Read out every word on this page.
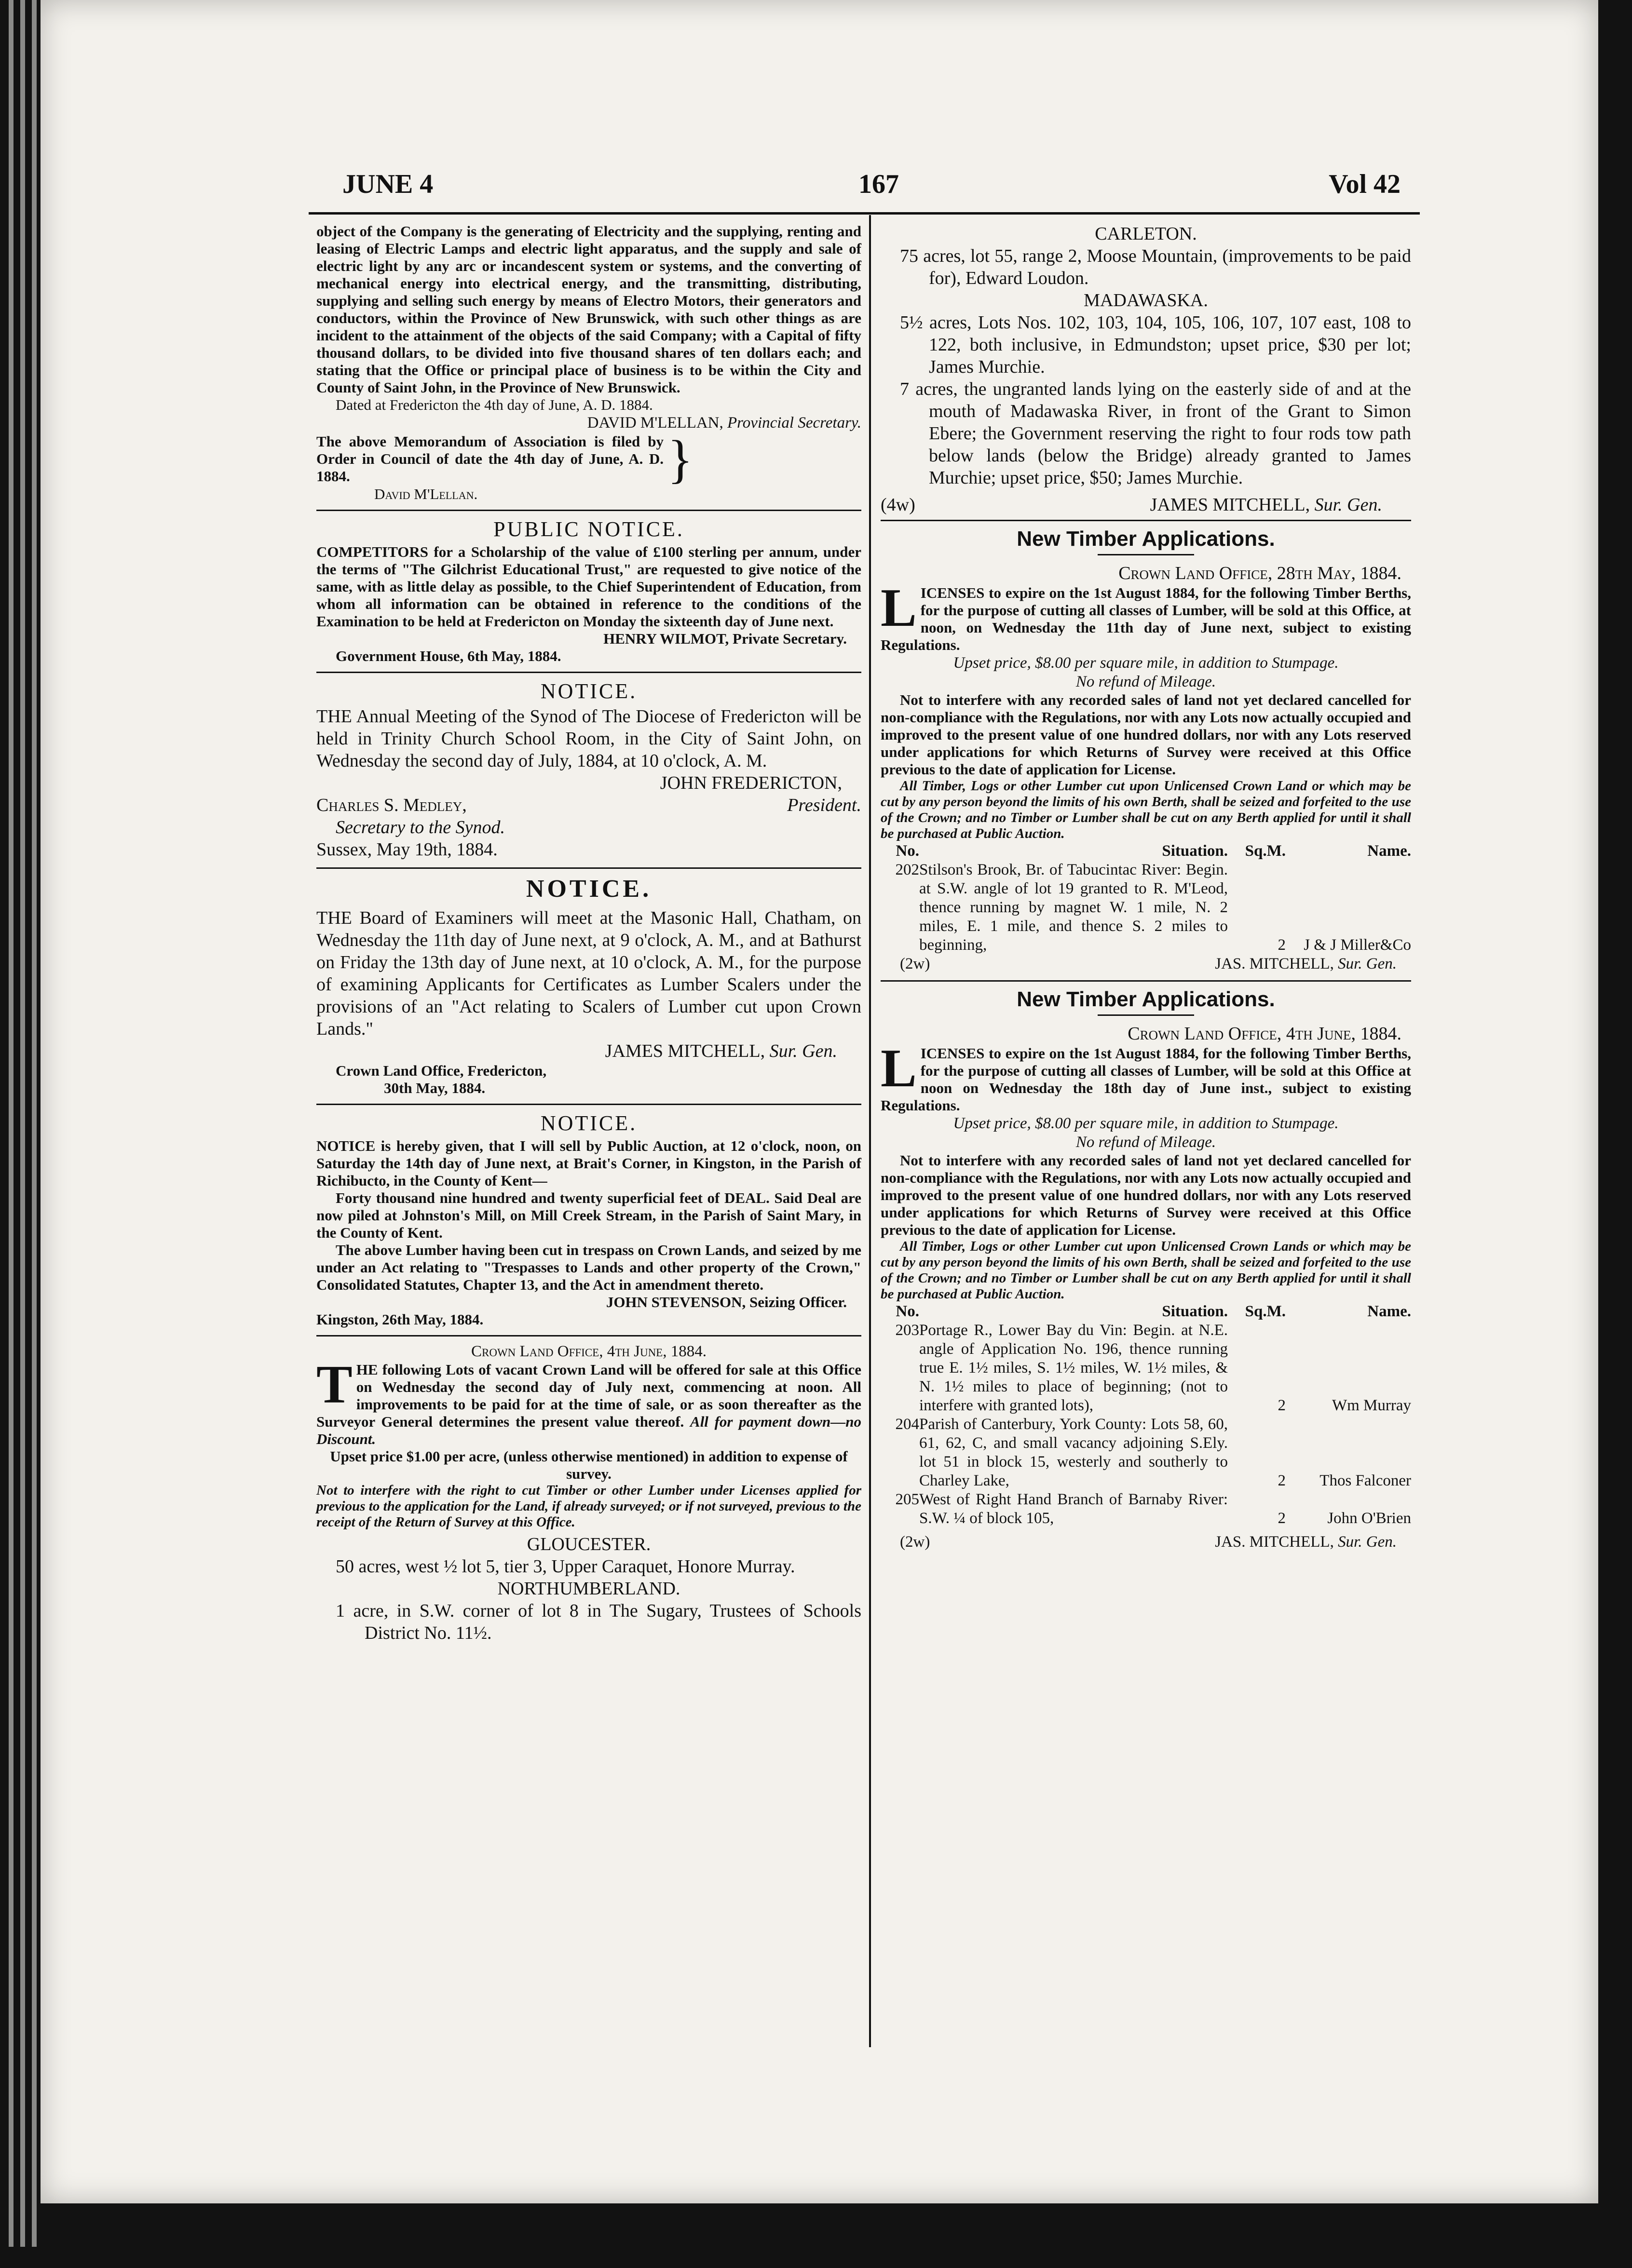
JUNE 4	167	Vol 42

object of the Company is the generating of Electricity and the supplying, renting and leasing of Electric Lamps and electric light apparatus, and the supply and sale of electric light by any arc or incandescent system or systems, and the converting of mechanical energy into electrical energy, and the transmitting, distributing, supplying and selling such energy by means of Electro Motors, their generators and conductors, within the Province of New Brunswick, with such other things as are incident to the attainment of the objects of the said Company; with a Capital of fifty thousand dollars, to be divided into five thousand shares of ten dollars each; and stating that the Office or principal place of business is to be within the City and County of Saint John, in the Province of New Brunswick.

Dated at Fredericton the 4th day of June, A. D. 1884.

DAVID M'LELLAN, Provincial Secretary.

The above Memorandum of Association is filed by Order in Council of date the 4th day of June, A. D. 1884.	}

David M'Lellan.

PUBLIC NOTICE.

COMPETITORS for a Scholarship of the value of £100 sterling per annum, under the terms of "The Gilchrist Educational Trust," are requested to give notice of the same, with as little delay as possible, to the Chief Superintendent of Education, from whom all information can be obtained in reference to the conditions of the Examination to be held at Fredericton on Monday the sixteenth day of June next.

HENRY WILMOT, Private Secretary.

Government House, 6th May, 1884.

NOTICE.

THE Annual Meeting of the Synod of The Diocese of Fredericton will be held in Trinity Church School Room, in the City of Saint John, on Wednesday the second day of July, 1884, at 10 o'clock, A. M.

JOHN FREDERICTON,

Charles S. Medley,	President.

Secretary to the Synod.

Sussex, May 19th, 1884.

NOTICE.

THE Board of Examiners will meet at the Masonic Hall, Chatham, on Wednesday the 11th day of June next, at 9 o'clock, A. M., and at Bathurst on Friday the 13th day of June next, at 10 o'clock, A. M., for the purpose of examining Applicants for Certificates as Lumber Scalers under the provisions of an "Act relating to Scalers of Lumber cut upon Crown Lands."

JAMES MITCHELL, Sur. Gen.

Crown Land Office, Fredericton,

30th May, 1884.

NOTICE.

NOTICE is hereby given, that I will sell by Public Auction, at 12 o'clock, noon, on Saturday the 14th day of June next, at Brait's Corner, in Kingston, in the Parish of Richibucto, in the County of Kent—

Forty thousand nine hundred and twenty superficial feet of DEAL. Said Deal are now piled at Johnston's Mill, on Mill Creek Stream, in the Parish of Saint Mary, in the County of Kent.

The above Lumber having been cut in trespass on Crown Lands, and seized by me under an Act relating to "Trespasses to Lands and other property of the Crown," Consolidated Statutes, Chapter 13, and the Act in amendment thereto.

JOHN STEVENSON, Seizing Officer.

Kingston, 26th May, 1884.

Crown Land Office, 4th June, 1884.

THE following Lots of vacant Crown Land will be offered for sale at this Office on Wednesday the second day of July next, commencing at noon. All improvements to be paid for at the time of sale, or as soon thereafter as the Surveyor General determines the present value thereof. All for payment down—no Discount.

Upset price $1.00 per acre, (unless otherwise mentioned) in addition to expense of survey.

Not to interfere with the right to cut Timber or other Lumber under Licenses applied for previous to the application for the Land, if already surveyed; or if not surveyed, previous to the receipt of the Return of Survey at this Office.

GLOUCESTER.

50 acres, west ½ lot 5, tier 3, Upper Caraquet, Honore Murray.

NORTHUMBERLAND.

1 acre, in S.W. corner of lot 8 in The Sugary, Trustees of Schools District No. 11½.

CARLETON.

75 acres, lot 55, range 2, Moose Mountain, (improvements to be paid for), Edward Loudon.

MADAWASKA.

5½ acres, Lots Nos. 102, 103, 104, 105, 106, 107, 107 east, 108 to 122, both inclusive, in Edmundston; upset price, $30 per lot; James Murchie.

7 acres, the ungranted lands lying on the easterly side of and at the mouth of Madawaska River, in front of the Grant to Simon Ebere; the Government reserving the right to four rods tow path below lands (below the Bridge) already granted to James Murchie; upset price, $50; James Murchie.

(4w)	JAMES MITCHELL, Sur. Gen.
New Timber Applications.

Crown Land Office, 28th May, 1884.

LICENSES to expire on the 1st August 1884, for the following Timber Berths, for the purpose of cutting all classes of Lumber, will be sold at this Office, at noon, on Wednesday the 11th day of June next, subject to existing Regulations.

Upset price, $8.00 per square mile, in addition to Stumpage.

No refund of Mileage.

Not to interfere with any recorded sales of land not yet declared cancelled for non-compliance with the Regulations, nor with any Lots now actually occupied and improved to the present value of one hundred dollars, nor with any Lots reserved under applications for which Returns of Survey were received at this Office previous to the date of application for License.

All Timber, Logs or other Lumber cut upon Unlicensed Crown Land or which may be cut by any person beyond the limits of his own Berth, shall be seized and forfeited to the use of the Crown; and no Timber or Lumber shall be cut on any Berth applied for until it shall be purchased at Public Auction.

No.	Situation.	Sq.M.	Name.
202 Stilson's Brook, Br. of Tabucintac River: Begin. at S.W. angle of lot 19 granted to R. M'Leod, thence running by magnet W. 1 mile, N. 2 miles, E. 1 mile, and thence S. 2 miles to beginning,	2	J & J Miller&Co
(2w)	JAS. MITCHELL, Sur. Gen.
New Timber Applications.

Crown Land Office, 4th June, 1884.

LICENSES to expire on the 1st August 1884, for the following Timber Berths, for the purpose of cutting all classes of Lumber, will be sold at this Office at noon on Wednesday the 18th day of June inst., subject to existing Regulations.

Upset price, $8.00 per square mile, in addition to Stumpage.

No refund of Mileage.

Not to interfere with any recorded sales of land not yet declared cancelled for non-compliance with the Regulations, nor with any Lots now actually occupied and improved to the present value of one hundred dollars, nor with any Lots reserved under applications for which Returns of Survey were received at this Office previous to the date of application for License.

All Timber, Logs or other Lumber cut upon Unlicensed Crown Lands or which may be cut by any person beyond the limits of his own Berth, shall be seized and forfeited to the use of the Crown; and no Timber or Lumber shall be cut on any Berth applied for until it shall be purchased at Public Auction.

No.	Situation.	Sq.M.	Name.
203 Portage R., Lower Bay du Vin: Begin. at N.E. angle of Application No. 196, thence running true E. 1½ miles, S. 1½ miles, W. 1½ miles, & N. 1½ miles to place of beginning; (not to interfere with granted lots),	2	Wm Murray
204 Parish of Canterbury, York County: Lots 58, 60, 61, 62, C, and small vacancy adjoining S.Ely. lot 51 in block 15, westerly and southerly to Charley Lake,	2	Thos Falconer
205 West of Right Hand Branch of Barnaby River: S.W. ¼ of block 105,	2	John O'Brien
(2w)	JAS. MITCHELL, Sur. Gen.
